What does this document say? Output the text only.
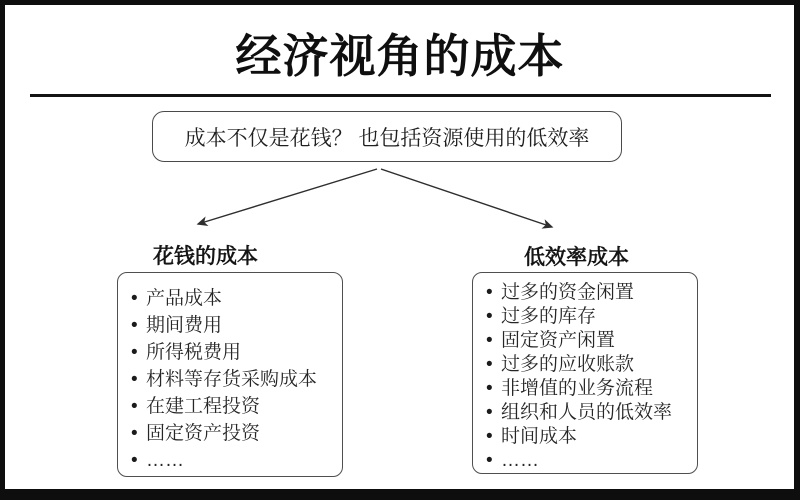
经济视角的成本
成本不仅是花钱？ 也包括资源使用的低效率
花钱的成本	低效率成本
• 产品成本
• 期间费用
• 所得税费用
• 材料等存货采购成本
• 在建工程投资
• 固定资产投资
• ……
• 过多的资金闲置
• 过多的库存
• 固定资产闲置
• 过多的应收账款
• 非增值的业务流程
• 组织和人员的低效率
• 时间成本
• ……
